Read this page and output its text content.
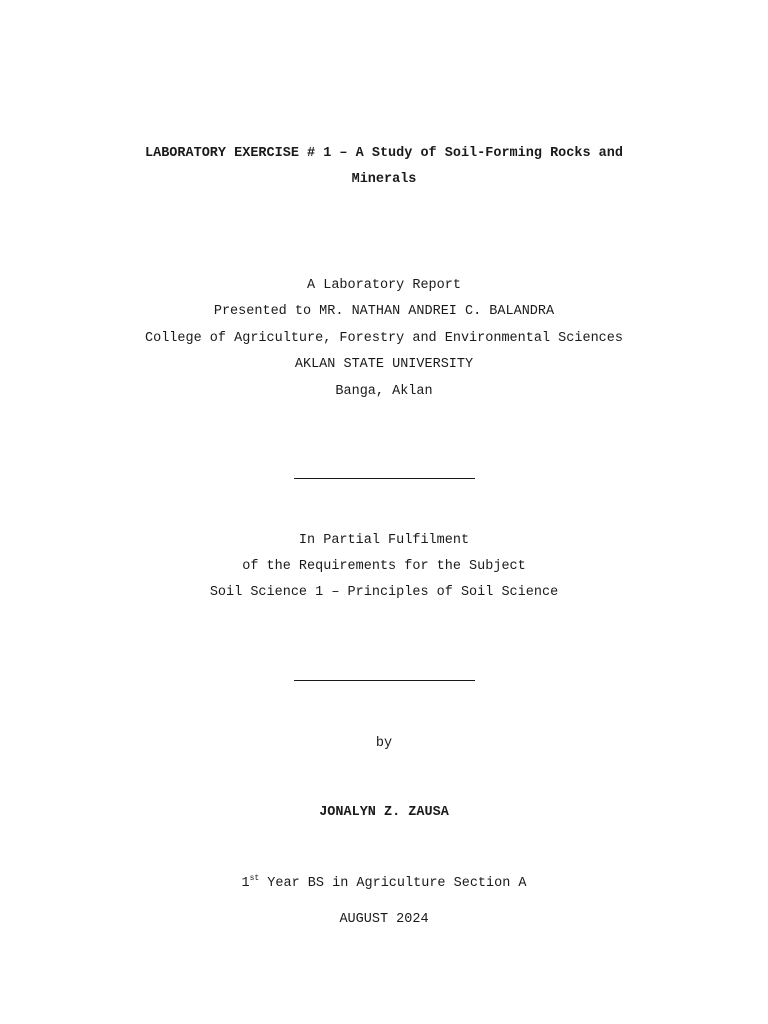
LABORATORY EXERCISE # 1 – A Study of Soil-Forming Rocks and
Minerals
A Laboratory Report
Presented to MR. NATHAN ANDREI C. BALANDRA
College of Agriculture, Forestry and Environmental Sciences
AKLAN STATE UNIVERSITY
Banga, Aklan
In Partial Fulfilment
of the Requirements for the Subject
Soil Science 1 – Principles of Soil Science
by
JONALYN Z. ZAUSA
1st Year BS in Agriculture Section A
AUGUST 2024
